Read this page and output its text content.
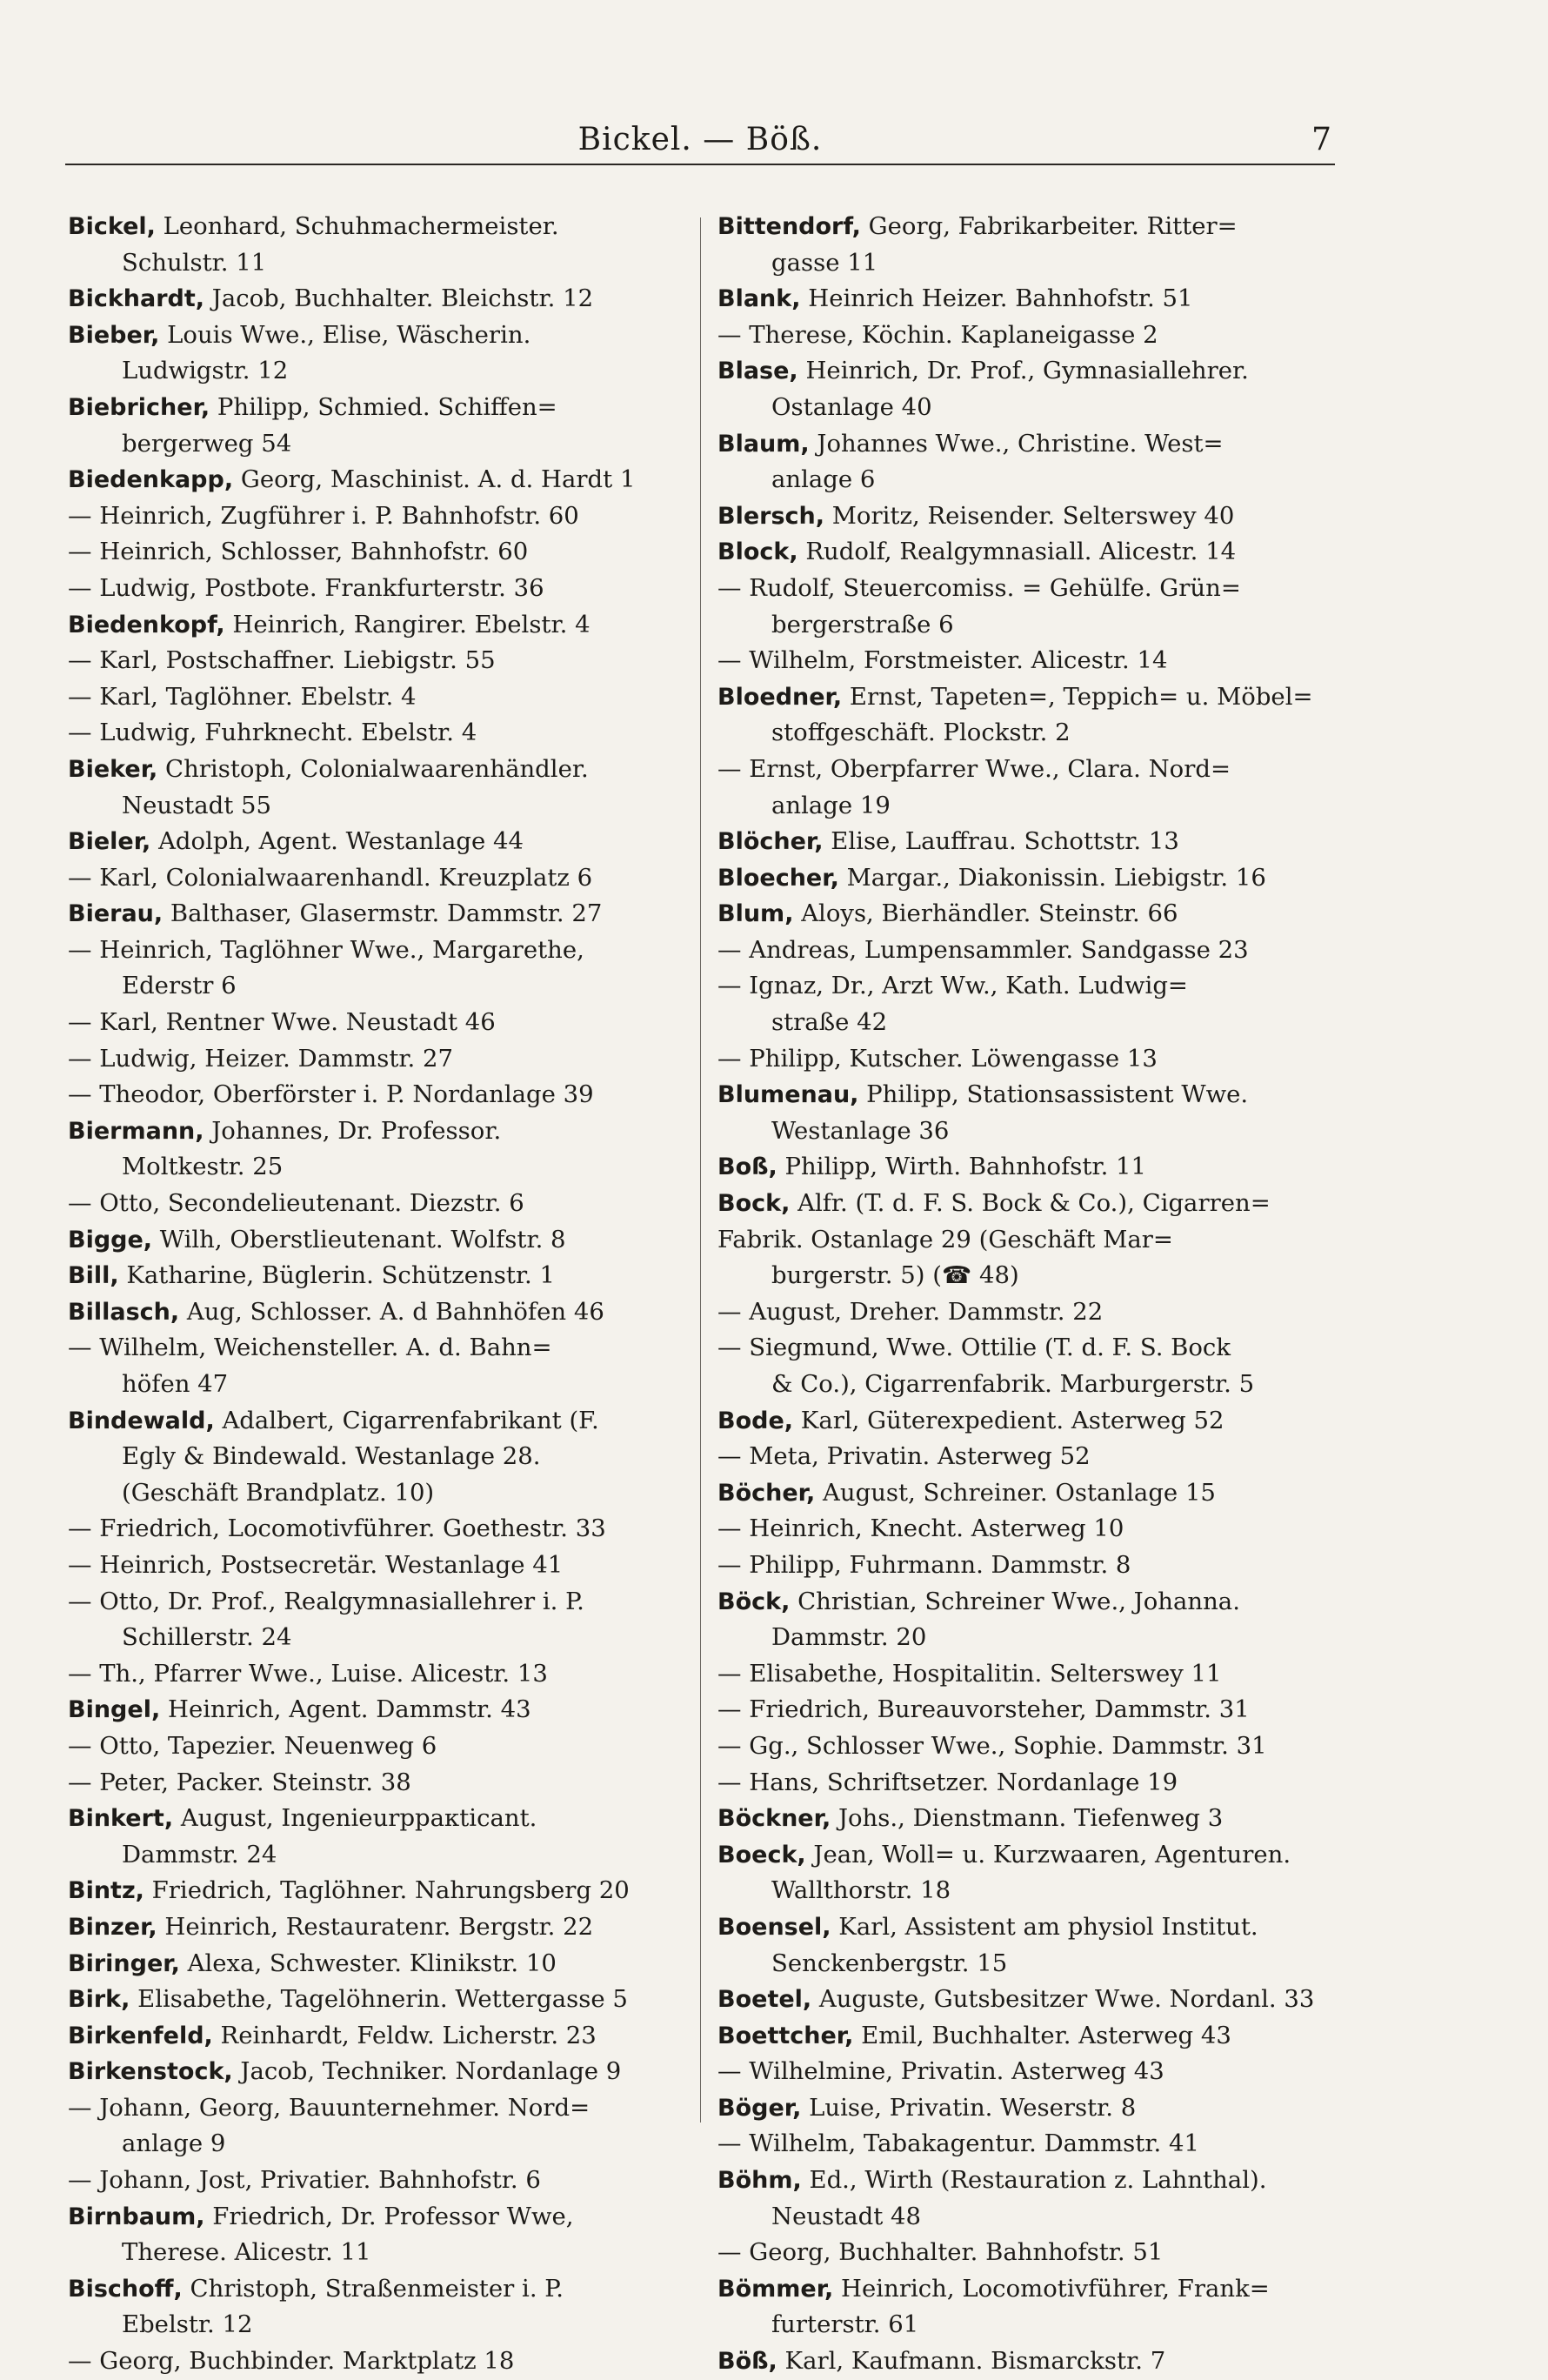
Bickel. — Böß.	7
Bickel, Leonhard, Schuhmachermeister.
Schulstr. 11
Bickhardt, Jacob, Buchhalter. Bleichstr. 12
Bieber, Louis Wwe., Elise, Wäscherin.
Ludwigstr. 12
Biebricher, Philipp, Schmied. Schiffen=
bergerweg 54
Biedenkapp, Georg, Maschinist. A. d. Hardt 1
— Heinrich, Zugführer i. P. Bahnhofstr. 60
— Heinrich, Schlosser, Bahnhofstr. 60
— Ludwig, Postbote. Frankfurterstr. 36
Biedenkopf, Heinrich, Rangirer. Ebelstr. 4
— Karl, Postschaffner. Liebigstr. 55
— Karl, Taglöhner. Ebelstr. 4
— Ludwig, Fuhrknecht. Ebelstr. 4
Bieker, Christoph, Colonialwaarenhändler.
Neustadt 55
Bieler, Adolph, Agent. Westanlage 44
— Karl, Colonialwaarenhandl. Kreuzplatz 6
Bierau, Balthaser, Glasermstr. Dammstr. 27
— Heinrich, Taglöhner Wwe., Margarethe,
Ederstr 6
— Karl, Rentner Wwe. Neustadt 46
— Ludwig, Heizer. Dammstr. 27
— Theodor, Oberförster i. P. Nordanlage 39
Biermann, Johannes, Dr. Professor.
Moltkestr. 25
— Otto, Secondelieutenant. Diezstr. 6
Bigge, Wilh, Oberstlieutenant. Wolfstr. 8
Bill, Katharine, Büglerin. Schützenstr. 1
Billasch, Aug, Schlosser. A. d Bahnhöfen 46
— Wilhelm, Weichensteller. A. d. Bahn=
höfen 47
Bindewald, Adalbert, Cigarrenfabrikant (F.
Egly & Bindewald. Westanlage 28.
(Geschäft Brandplatz. 10)
— Friedrich, Locomotivführer. Goethestr. 33
— Heinrich, Postsecretär. Westanlage 41
— Otto, Dr. Prof., Realgymnasiallehrer i. P.
Schillerstr. 24
— Th., Pfarrer Wwe., Luise. Alicestr. 13
Bingel, Heinrich, Agent. Dammstr. 43
— Otto, Tapezier. Neuenweg 6
— Peter, Packer. Steinstr. 38
Binkert, August, Ingenieurpракticant.
Dammstr. 24
Bintz, Friedrich, Taglöhner. Nahrungsberg 20
Binzer, Heinrich, Restauratenr. Bergstr. 22
Biringer, Alexa, Schwester. Klinikstr. 10
Birk, Elisabethe, Tagelöhnerin. Wettergasse 5
Birkenfeld, Reinhardt, Feldw. Licherstr. 23
Birkenstock, Jacob, Techniker. Nordanlage 9
— Johann, Georg, Bauunternehmer. Nord=
anlage 9
— Johann, Jost, Privatier. Bahnhofstr. 6
Birnbaum, Friedrich, Dr. Professor Wwe,
Therese. Alicestr. 11
Bischoff, Christoph, Straßenmeister i. P.
Ebelstr. 12
— Georg, Buchbinder. Marktplatz 18
Bittendorf, Georg, Fabrikarbeiter. Ritter=
gasse 11
Blank, Heinrich Heizer. Bahnhofstr. 51
— Therese, Köchin. Kaplaneigasse 2
Blase, Heinrich, Dr. Prof., Gymnasiallehrer.
Ostanlage 40
Blaum, Johannes Wwe., Christine. West=
anlage 6
Blersch, Moritz, Reisender. Selterswey 40
Block, Rudolf, Realgymnasiall. Alicestr. 14
— Rudolf, Steuercomiss. = Gehülfe. Grün=
bergerstraße 6
— Wilhelm, Forstmeister. Alicestr. 14
Bloedner, Ernst, Tapeten=, Teppich= u. Möbel=
stoffgeschäft. Plockstr. 2
— Ernst, Oberpfarrer Wwe., Clara. Nord=
anlage 19
Blöcher, Elise, Lauffrau. Schottstr. 13
Bloecher, Margar., Diakonissin. Liebigstr. 16
Blum, Aloys, Bierhändler. Steinstr. 66
— Andreas, Lumpensammler. Sandgasse 23
— Ignaz, Dr., Arzt Ww., Kath. Ludwig=
straße 42
— Philipp, Kutscher. Löwengasse 13
Blumenau, Philipp, Stationsassistent Wwe.
Westanlage 36
Boß, Philipp, Wirth. Bahnhofstr. 11
Bock, Alfr. (T. d. F. S. Bock & Co.), Cigarren=
Fabrik. Ostanlage 29 (Geschäft Mar=
burgerstr. 5) (☎ 48)
— August, Dreher. Dammstr. 22
— Siegmund, Wwe. Ottilie (T. d. F. S. Bock
& Co.), Cigarrenfabrik. Marburgerstr. 5
Bode, Karl, Güterexpedient. Asterweg 52
— Meta, Privatin. Asterweg 52
Böcher, August, Schreiner. Ostanlage 15
— Heinrich, Knecht. Asterweg 10
— Philipp, Fuhrmann. Dammstr. 8
Böck, Christian, Schreiner Wwe., Johanna.
Dammstr. 20
— Elisabethe, Hospitalitin. Selterswey 11
— Friedrich, Bureauvorsteher, Dammstr. 31
— Gg., Schlosser Wwe., Sophie. Dammstr. 31
— Hans, Schriftsetzer. Nordanlage 19
Böckner, Johs., Dienstmann. Tiefenweg 3
Boeck, Jean, Woll= u. Kurzwaaren, Agenturen.
Wallthorstr. 18
Boensel, Karl, Assistent am physiol Institut.
Senckenbergstr. 15
Boetel, Auguste, Gutsbesitzer Wwe. Nordanl. 33
Boettcher, Emil, Buchhalter. Asterweg 43
— Wilhelmine, Privatin. Asterweg 43
Böger, Luise, Privatin. Weserstr. 8
— Wilhelm, Tabakagentur. Dammstr. 41
Böhm, Ed., Wirth (Restauration z. Lahnthal).
Neustadt 48
— Georg, Buchhalter. Bahnhofstr. 51
Bömmer, Heinrich, Locomotivführer, Frank=
furterstr. 61
Böß, Karl, Kaufmann. Bismarckstr. 7
